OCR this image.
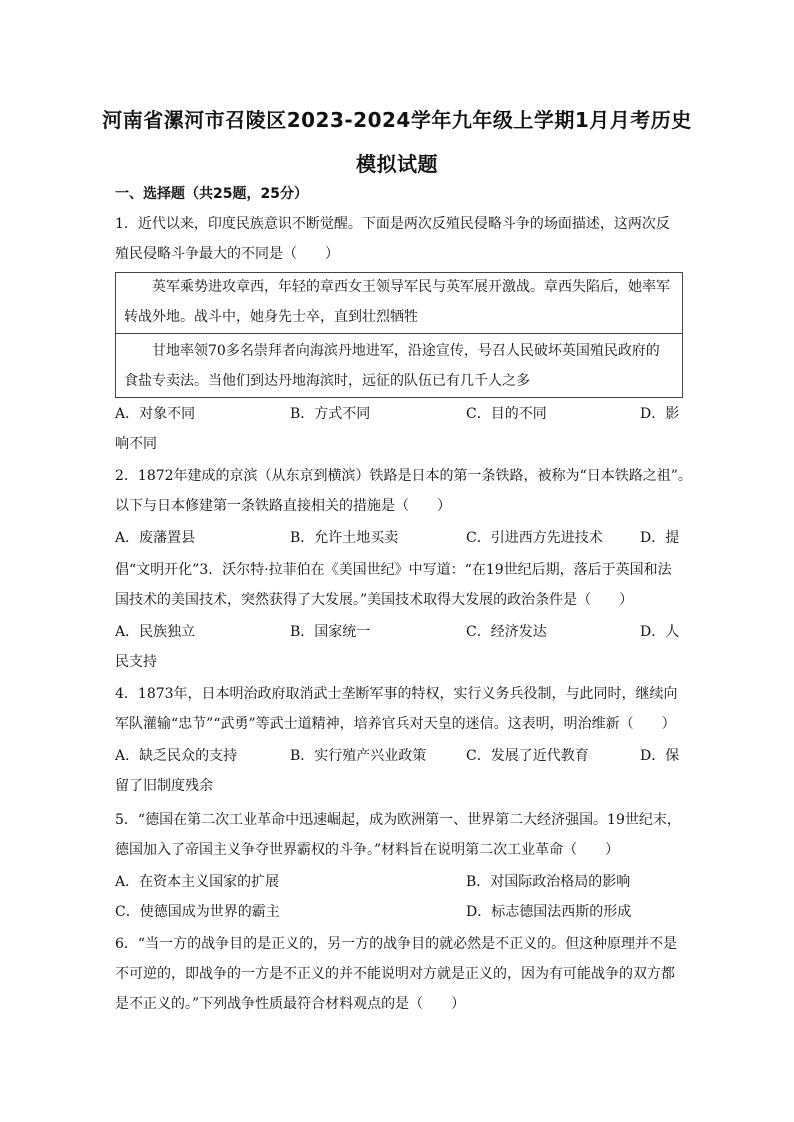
河南省漯河市召陵区2023-2024学年九年级上学期1月月考历史
模拟试题
一、选择题（共25题，25分）
1．近代以来，印度民族意识不断觉醒。下面是两次反殖民侵略斗争的场面描述，这两次反
殖民侵略斗争最大的不同是（　　）
英军乘势进攻章西，年轻的章西女王领导军民与英军展开激战。章西失陷后，她率军
转战外地。战斗中，她身先士卒，直到壮烈牺牲
甘地率领70多名崇拜者向海滨丹地进军，沿途宣传，号召人民破坏英国殖民政府的
食盐专卖法。当他们到达丹地海滨时，远征的队伍已有几千人之多
A．对象不同	B．方式不同	C．目的不同	D．影
响不同
2．1872年建成的京滨（从东京到横滨）铁路是日本的第一条铁路，被称为“日本铁路之祖”。
以下与日本修建第一条铁路直接相关的措施是（　　）
A．废藩置县	B．允许土地买卖	C．引进西方先进技术	D．提
倡“文明开化”3．沃尔特·拉菲伯在《美国世纪》中写道：“在19世纪后期，落后于英国和法
国技术的美国技术，突然获得了大发展。”美国技术取得大发展的政治条件是（　　）
A．民族独立	B．国家统一	C．经济发达	D．人
民支持
4．1873年，日本明治政府取消武士垄断军事的特权，实行义务兵役制，与此同时，继续向
军队灌输“忠节”“武勇”等武士道精神，培养官兵对天皇的迷信。这表明，明治维新（　　）
A．缺乏民众的支持	B．实行殖产兴业政策	C．发展了近代教育	D．保
留了旧制度残余
5．“德国在第二次工业革命中迅速崛起，成为欧洲第一、世界第二大经济强国。19世纪末，
德国加入了帝国主义争夺世界霸权的斗争。”材料旨在说明第二次工业革命（　　）
A．在资本主义国家的扩展	B．对国际政治格局的影响
C．使德国成为世界的霸主	D．标志德国法西斯的形成
6．“当一方的战争目的是正义的，另一方的战争目的就必然是不正义的。但这种原理并不是
不可逆的，即战争的一方是不正义的并不能说明对方就是正义的，因为有可能战争的双方都
是不正义的。”下列战争性质最符合材料观点的是（　　）
